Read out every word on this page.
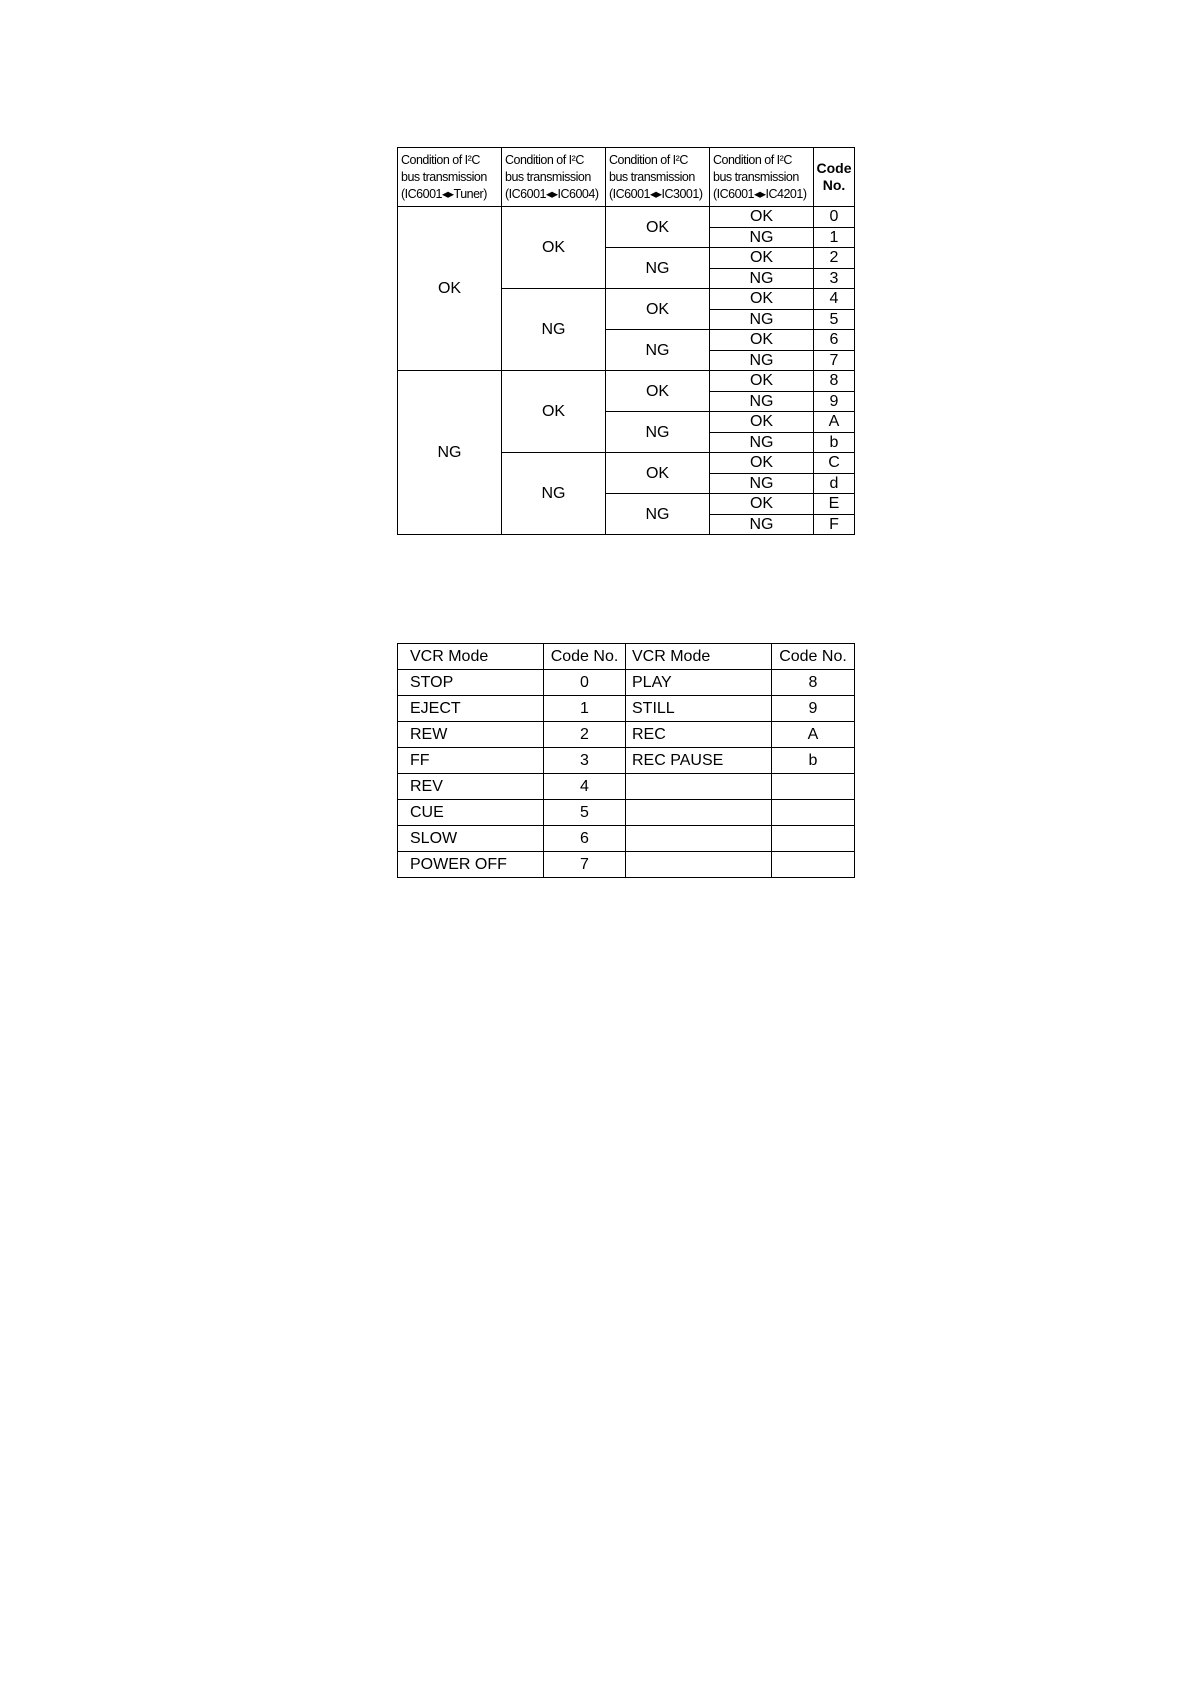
Condition of I²C
bus transmission
(IC6001◂▸Tuner)	Condition of I²C
bus transmission
(IC6001◂▸IC6004)	Condition of I²C
bus transmission
(IC6001◂▸IC3001)	Condition of I²C
bus transmission
(IC6001◂▸IC4201)	Code
No.

OK	OK	OK	OK	0
			NG	1
		NG	OK	2
			NG	3
	NG	OK	OK	4
			NG	5
		NG	OK	6
			NG	7
NG	OK	OK	OK	8
			NG	9
		NG	OK	A
			NG	b
	NG	OK	OK	C
			NG	d
		NG	OK	E
			NG	F
VCR Mode	Code No.	VCR Mode	Code No.
STOP	0	PLAY	8
EJECT	1	STILL	9
REW	2	REC	A
FF	3	REC PAUSE	b
REV	4		
CUE	5		
SLOW	6		
POWER OFF	7		
